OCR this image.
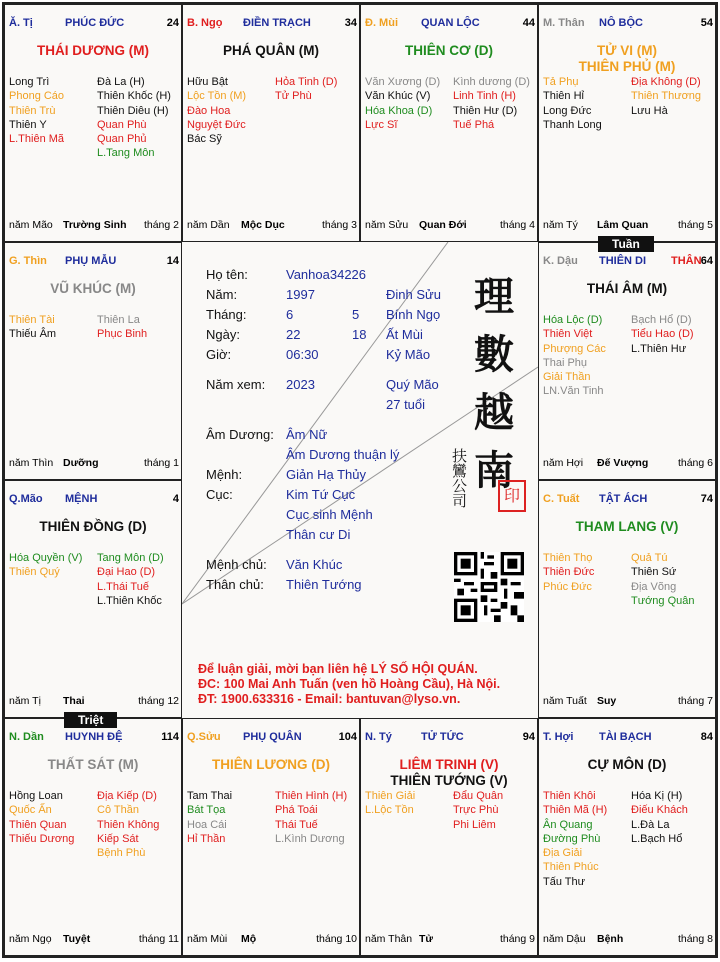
Ă. Tị	PHÚC ĐỨC	24
THÁI DƯƠNG (M)
Long Trì
Phong Cáo
Thiên Trù
Thiên Y
L.Thiên Mã
Đà La (H)
Thiên Khốc (H)
Thiên Diêu (H)
Quan Phù
Quan Phủ
L.Tang Môn
năm Mão Trường Sinh tháng 2
B. Ngọ ĐIỀN TRẠCH	34
PHÁ QUÂN (M)
Hữu Bật
Lộc Tồn (M)
Đào Hoa
Nguyệt Đức
Bác Sỹ
Hỏa Tinh (D)
Tử Phù
năm Dần Mộc Dục	tháng 3
Đ. Mùi QUAN LỘC	44
THIÊN CƠ (D)
Văn Xương (D)
Văn Khúc (V)
Hóa Khoa (D)
Lực Sĩ
Kình dương (D)
Linh Tinh (H)
Thiên Hư (D)
Tuế Phá
năm Sửu Quan Đới	tháng 4
M. Thân NÔ BỘC	54
TỬ VI (M)
THIÊN PHỦ (M)
Tả Phụ
Thiên Hỉ
Long Đức
Thanh Long
Địa Không (D)
Thiên Thương
Lưu Hà
năm Tý Lâm Quan	tháng 5
G. Thìn PHỤ MẪU	14
VŨ KHÚC (M)
Thiên Tài
Thiếu Âm
Thiên La
Phục Binh
năm Thìn Dưỡng	tháng 1
K. Dậu THIÊN DI THÂN 64
THÁI ÂM (M)
Hóa Lộc (D)
Thiên Việt
Phượng Các
Thai Phụ
Giải Thần
LN.Văn Tinh
Bạch Hổ (D)
Tiểu Hao (D)
L.Thiên Hư
năm Hợi Đế Vượng	tháng 6
Q.Mão MỆNH	4
THIÊN ĐỒNG (D)
Hóa Quyền (V)
Thiên Quý
Tang Môn (D)
Đại Hao (D)
L.Thái Tuế
L.Thiên Khốc
năm Tị Thai	tháng 12
C. Tuất TẬT ÁCH	74
THAM LANG (V)
Thiên Thọ
Thiên Đức
Phúc Đức
Quả Tú
Thiên Sứ
Địa Võng
Tướng Quân
năm Tuất Suy	tháng 7
N. Dần HUYNH ĐỆ	114
THẤT SÁT (M)
Hồng Loan
Quốc Ấn
Thiên Quan
Thiếu Dương
Địa Kiếp (D)
Cô Thần
Thiên Không
Kiếp Sát
Bệnh Phù
năm Ngọ Tuyệt	tháng 11
Q.Sửu PHỤ QUÂN	104
THIÊN LƯƠNG (D)
Tam Thai
Bát Tọa
Hoa Cái
Hỉ Thần
Thiên Hình (H)
Phá Toái
Thái Tuế
L.Kình Dương
năm Mùi Mộ	tháng 10
N. Tý	TỬ TỨC	94
LIÊM TRINH (V)
THIÊN TƯỚNG (V)
Thiên Giải
L.Lộc Tồn
Đẩu Quân
Trực Phù
Phi Liêm
năm Thân Tử	tháng 9
T. Hợi TÀI BẠCH	84
CỰ MÔN (D)
Thiên Khôi
Thiên Mã (H)
Ân Quang
Đường Phù
Địa Giải
Thiên Phúc
Tấu Thư
Hóa Kị (H)
Điếu Khách
L.Đà La
L.Bạch Hổ
năm Dậu Bệnh	tháng 8
Tuần
Triệt
Họ tên:	Vanhoa34226
Năm:	1997	Đinh Sửu
Tháng:	6	5 Bính Ngọ
Ngày:	22	18 Ất Mùi
Giờ:	06:30	Kỷ Mão
Năm xem: 2023	Quý Mão
27 tuổi
Âm Dương: Âm Nữ
Âm Dương thuận lý
Mệnh:	Giản Hạ Thủy
Cục:	Kim Tứ Cục
Cục sinh Mệnh
Thân cư Di
Mệnh chủ: Văn Khúc
Thân chủ: Thiên Tướng
理
數
越
南
扶鸞公司	印
Để luận giải, mời bạn liên hệ LÝ SỐ HỘI QUÁN.
ĐC: 100 Mai Anh Tuấn (ven hồ Hoàng Cầu), Hà Nội.
ĐT: 1900.633316 - Email: bantuvan@lyso.vn.
